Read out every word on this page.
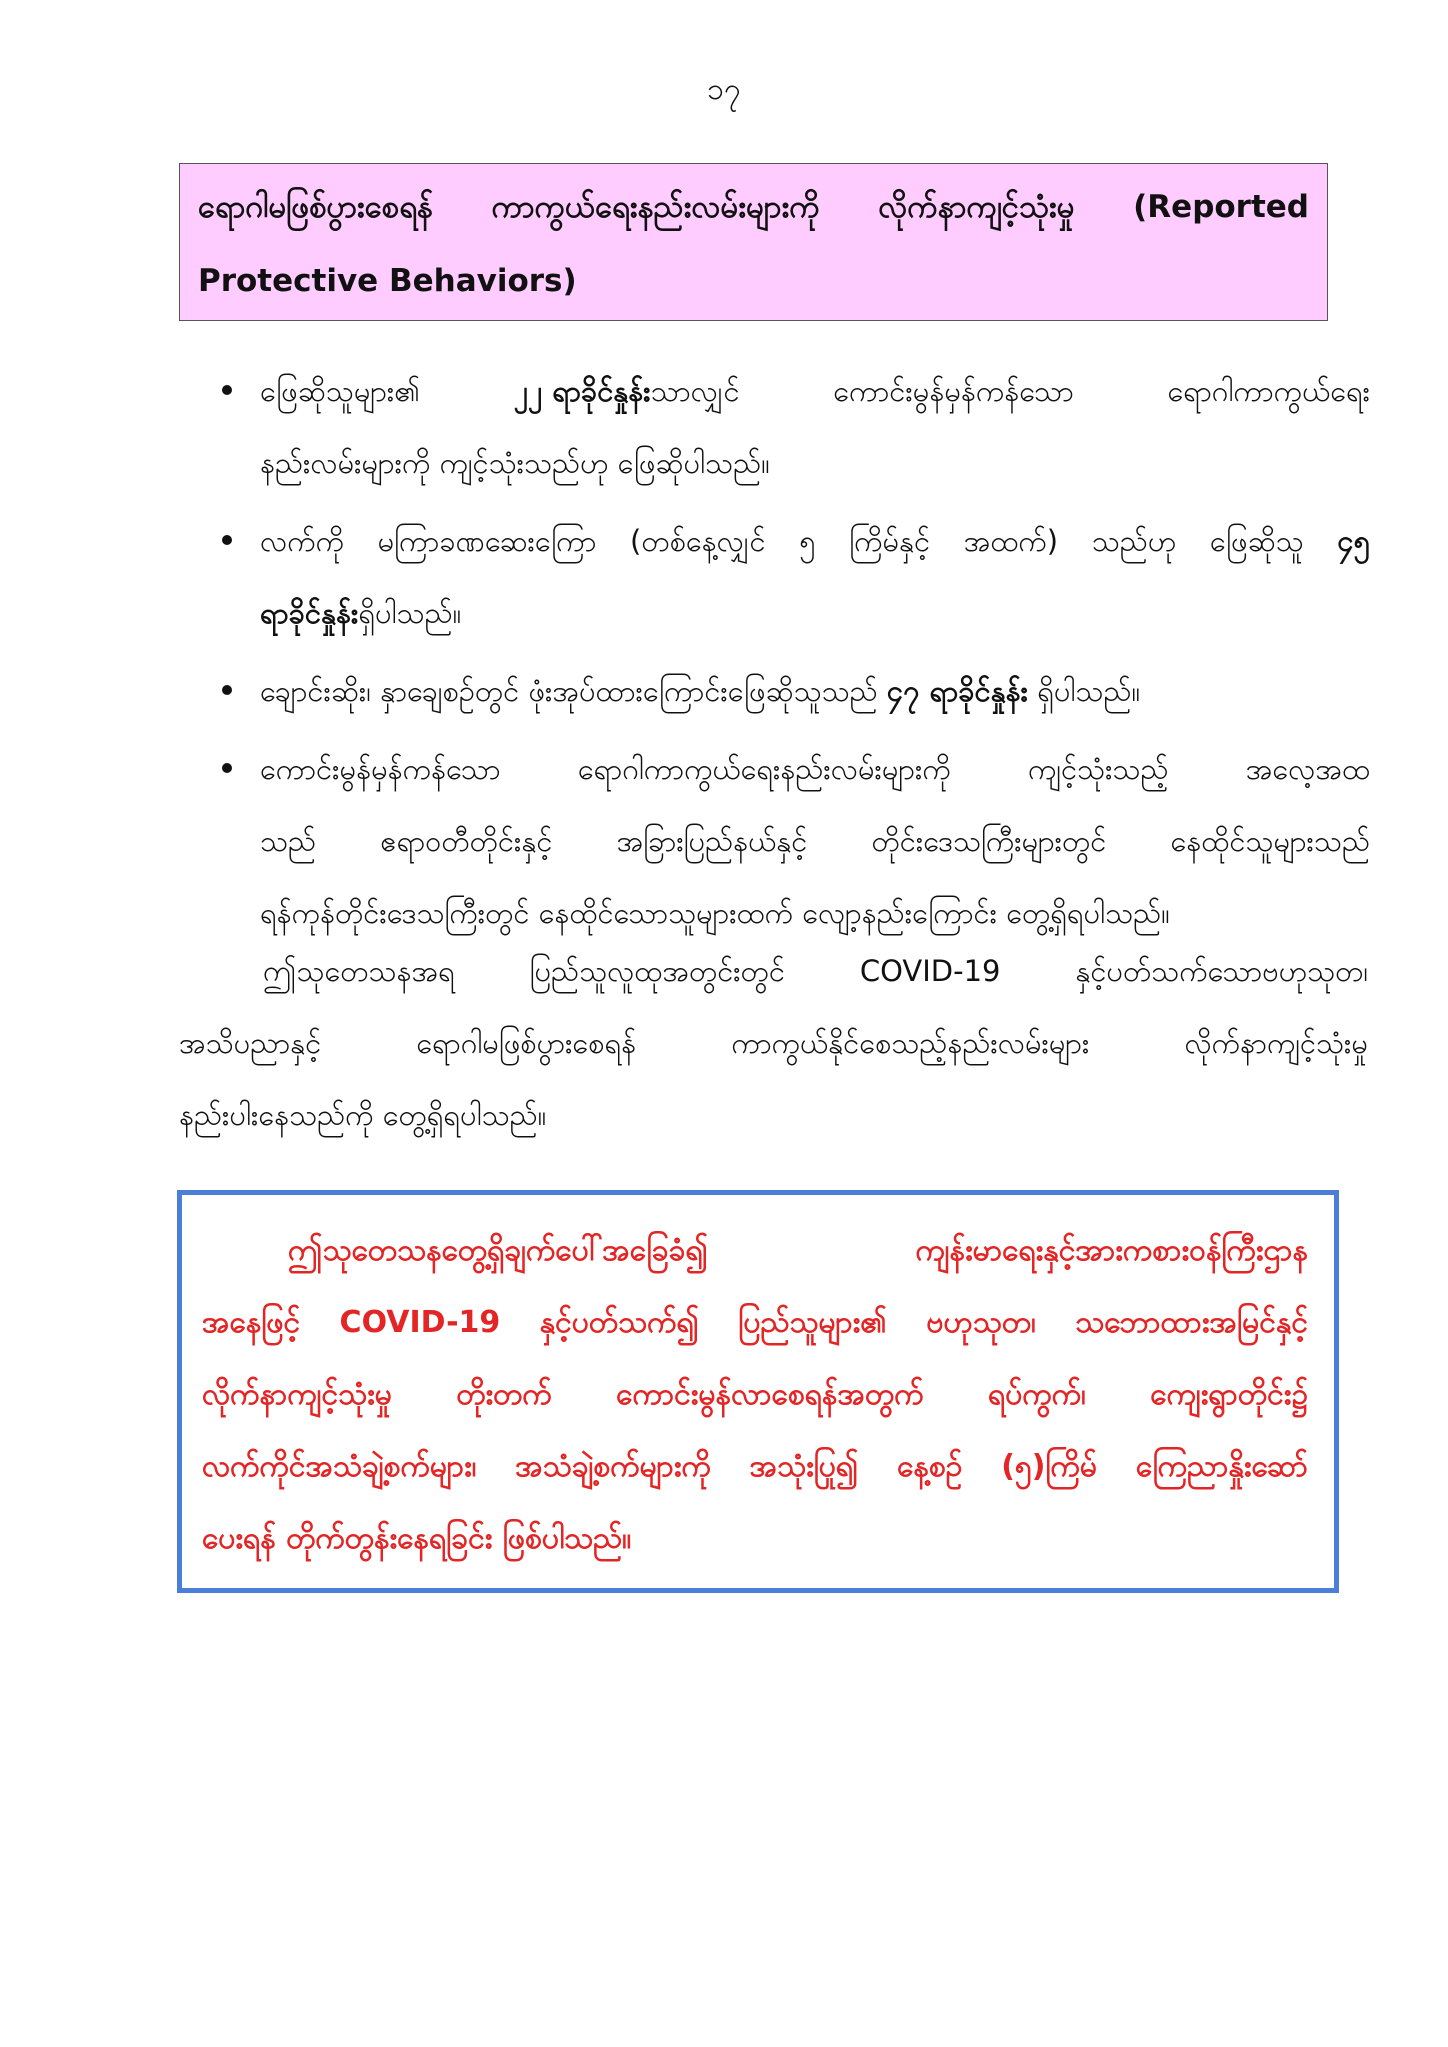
၁၇
ရောဂါမဖြစ်ပွားစေရန် ကာကွယ်ရေးနည်းလမ်းများကို လိုက်နာကျင့်သုံးမှု (Reported
Protective Behaviors)
ဖြေဆိုသူများ၏	၂၂ ရာခိုင်နှုန်းသာလျှင်	ကောင်းမွန်မှန်ကန်သော	ရောဂါကာကွယ်ရေး
နည်းလမ်းများကို ကျင့်သုံးသည်ဟု ဖြေဆိုပါသည်။
လက်ကို မကြာခဏဆေးကြော (တစ်နေ့လျှင် ၅ ကြိမ်နှင့် အထက်) သည်ဟု ဖြေဆိုသူ ၄၅
ရာခိုင်နှုန်းရှိပါသည်။
ချောင်းဆိုး၊ နှာချေစဉ်တွင် ဖုံးအုပ်ထားကြောင်းဖြေဆိုသူသည် ၄၇ ရာခိုင်နှုန်း ရှိပါသည်။
ကောင်းမွန်မှန်ကန်သော	ရောဂါကာကွယ်ရေးနည်းလမ်းများကို	ကျင့်သုံးသည့်	အလေ့အထ
သည် ဧရာဝတီတိုင်းနှင့် အခြားပြည်နယ်နှင့် တိုင်းဒေသကြီးများတွင် နေထိုင်သူများသည်
ရန်ကုန်တိုင်းဒေသကြီးတွင် နေထိုင်သောသူများထက် လျော့နည်းကြောင်း တွေ့ရှိရပါသည်။
ဤသုတေသနအရ	ပြည်သူလူထုအတွင်းတွင်	COVID-19	နှင့်ပတ်သက်သောဗဟုသုတ၊
အသိပညာနှင့်	ရောဂါမဖြစ်ပွားစေရန်	ကာကွယ်နိုင်စေသည့်နည်းလမ်းများ	လိုက်နာကျင့်သုံးမှု
နည်းပါးနေသည်ကို တွေ့ရှိရပါသည်။
ဤသုတေသနတွေ့ရှိချက်ပေါ်အခြေခံ၍	ကျန်းမာရေးနှင့်အားကစားဝန်ကြီးဌာန
အနေဖြင့် COVID-19 နှင့်ပတ်သက်၍ ပြည်သူများ၏ ဗဟုသုတ၊ သဘောထားအမြင်နှင့်
လိုက်နာကျင့်သုံးမှု တိုးတက် ကောင်းမွန်လာစေရန်အတွက် ရပ်ကွက်၊ ကျေးရွာတိုင်း၌
လက်ကိုင်အသံချဲ့စက်များ၊ အသံချဲ့စက်များကို အသုံးပြု၍ နေ့စဉ် (၅)ကြိမ် ကြေညာနှိုးဆော်
ပေးရန် တိုက်တွန်းနေရခြင်း ဖြစ်ပါသည်။
